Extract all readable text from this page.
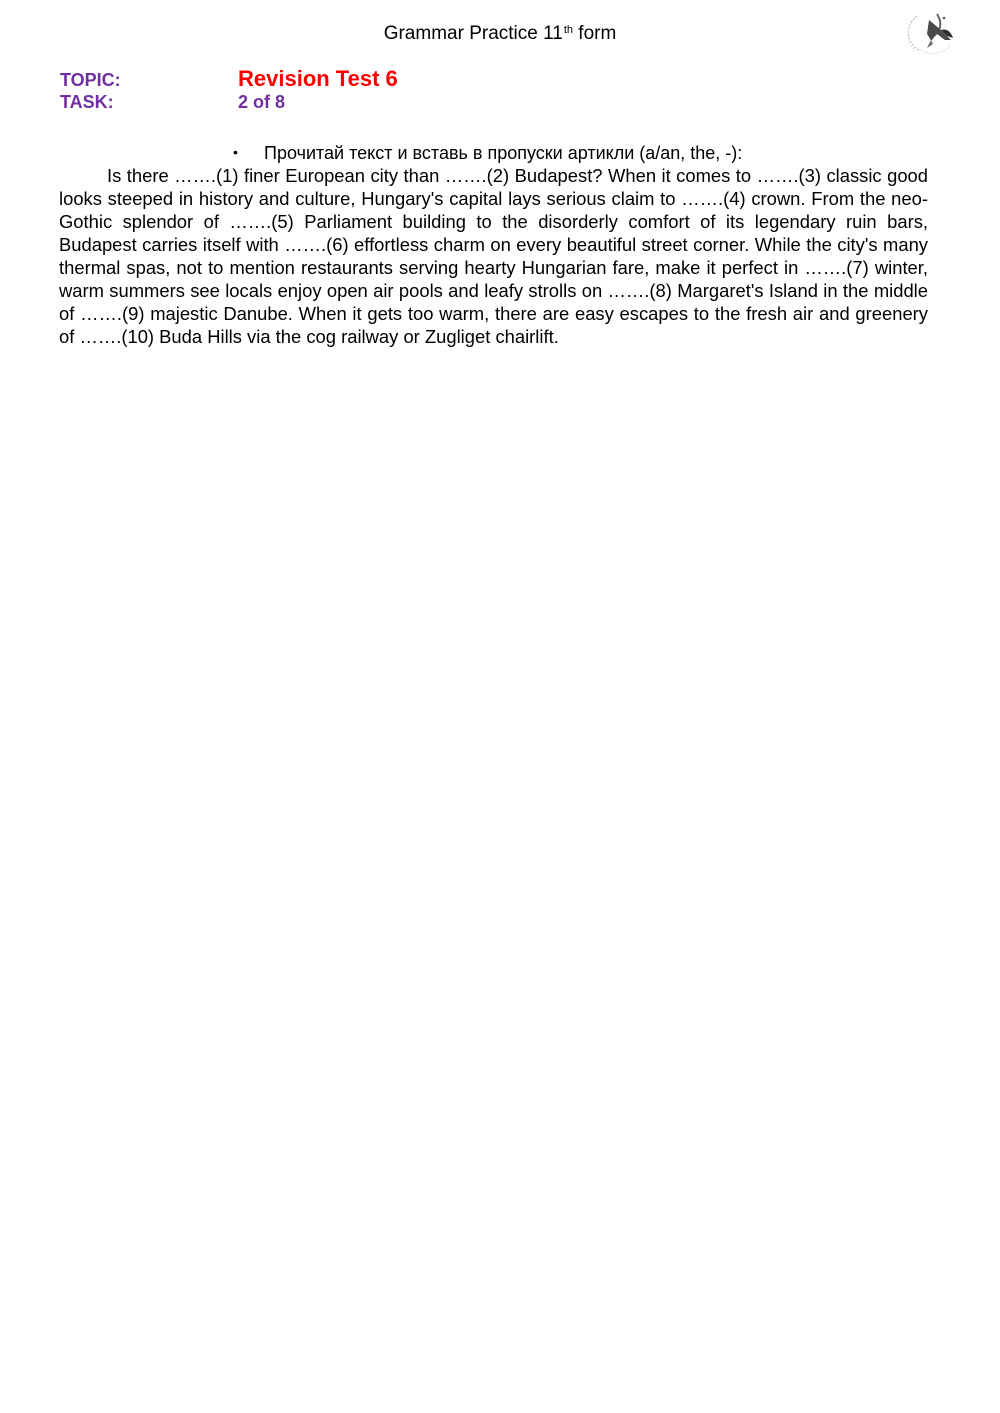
Grammar Practice 11th form
TOPIC:	Revision Test 6
TASK:	2 of 8
• Прочитай текст и вставь в пропуски артикли (a/an, the, -):

Is there …….(1) finer European city than …….(2) Budapest? When it comes to …….(3) classic good looks steeped in history and culture, Hungary's capital lays serious claim to …….(4) crown. From the neo-Gothic splendor of …….(5) Parliament building to the disorderly comfort of its legendary ruin bars, Budapest carries itself with …….(6) effortless charm on every beautiful street corner. While the city's many thermal spas, not to mention restaurants serving hearty Hungarian fare, make it perfect in …….(7) winter, warm summers see locals enjoy open air pools and leafy strolls on …….(8) Margaret's Island in the middle of …….(9) majestic Danube. When it gets too warm, there are easy escapes to the fresh air and greenery of …….(10) Buda Hills via the cog railway or Zugliget chairlift.
